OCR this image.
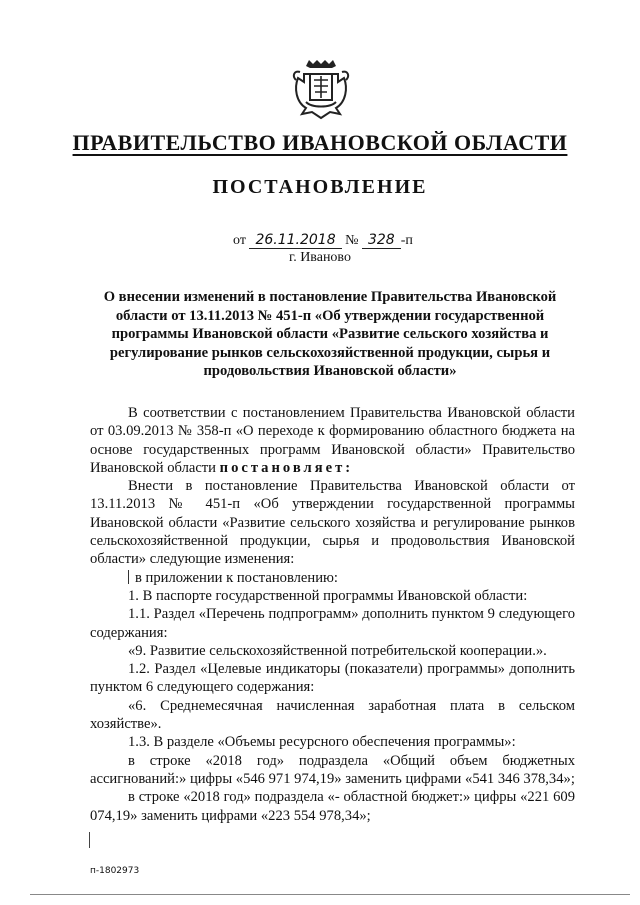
ПРАВИТЕЛЬСТВО ИВАНОВСКОЙ ОБЛАСТИ
ПОСТАНОВЛЕНИЕ
от 26.11.2018 № 328 -п
г. Иваново
О внесении изменений в постановление Правительства Ивановской области от 13.11.2013 № 451-п «Об утверждении государственной программы Ивановской области «Развитие сельского хозяйства и регулирование рынков сельскохозяйственной продукции, сырья и продовольствия Ивановской области»

В соответствии с постановлением Правительства Ивановской области от 03.09.2013 № 358-п «О переходе к формированию областного бюджета на основе государственных программ Ивановской области» Правительство Ивановской области постановляет:

Внести в постановление Правительства Ивановской области от 13.11.2013 № 451-п «Об утверждении государственной программы Ивановской области «Развитие сельского хозяйства и регулирование рынков сельскохозяйственной продукции, сырья и продовольствия Ивановской области» следующие изменения:

в приложении к постановлению:

1. В паспорте государственной программы Ивановской области:

1.1. Раздел «Перечень подпрограмм» дополнить пунктом 9 следующего содержания:

«9. Развитие сельскохозяйственной потребительской кооперации.».

1.2. Раздел «Целевые индикаторы (показатели) программы» дополнить пунктом 6 следующего содержания:

«6. Среднемесячная начисленная заработная плата в сельском хозяйстве».

1.3. В разделе «Объемы ресурсного обеспечения программы»:

в строке «2018 год» подраздела «Общий объем бюджетных ассигнований:» цифры «546 971 974,19» заменить цифрами «541 346 378,34»;

в строке «2018 год» подраздела «- областной бюджет:» цифры «221 609 074,19» заменить цифрами «223 554 978,34»;

п-1802973
